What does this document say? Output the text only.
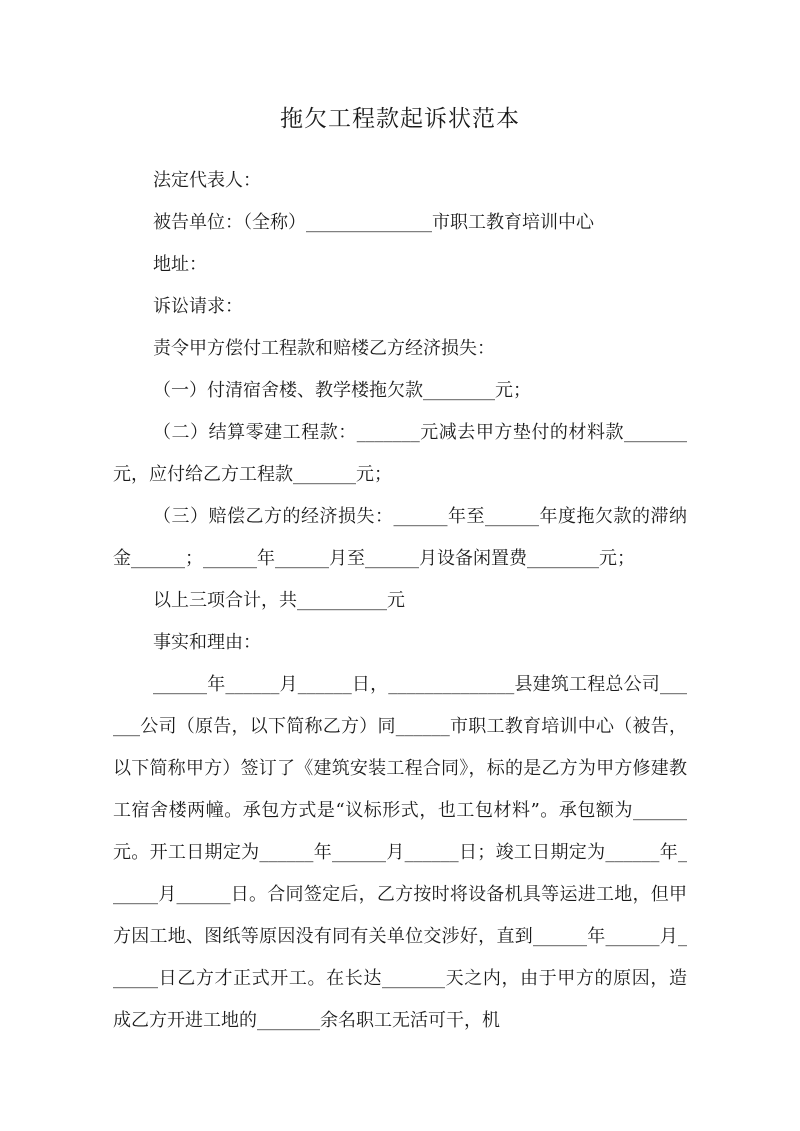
拖欠工程款起诉状范本

法定代表人：

被告单位：（全称）______________市职工教育培训中心

地址：

诉讼请求：

责令甲方偿付工程款和赔楼乙方经济损失：

（一）付清宿舍楼、教学楼拖欠款________元；

（二）结算零建工程款：_______元减去甲方垫付的材料款_______元，应付给乙方工程款_______元；

（三）赔偿乙方的经济损失：______年至______年度拖欠款的滞纳金______；______年______月至______月设备闲置费________元；

以上三项合计，共__________元

事实和理由：

______年______月______日，______________县建筑工程总公司______公司（原告，以下简称乙方）同______市职工教育培训中心（被告，以下简称甲方）签订了《建筑安装工程合同》，标的是乙方为甲方修建教工宿舍楼两幢。承包方式是“议标形式，也工包材料”。承包额为______元。开工日期定为______年______月______日；竣工日期定为______年______月______日。合同签定后，乙方按时将设备机具等运进工地，但甲方因工地、图纸等原因没有同有关单位交涉好，直到______年______月______日乙方才正式开工。在长达_______天之内，由于甲方的原因，造成乙方开进工地的_______余名职工无活可干，机
